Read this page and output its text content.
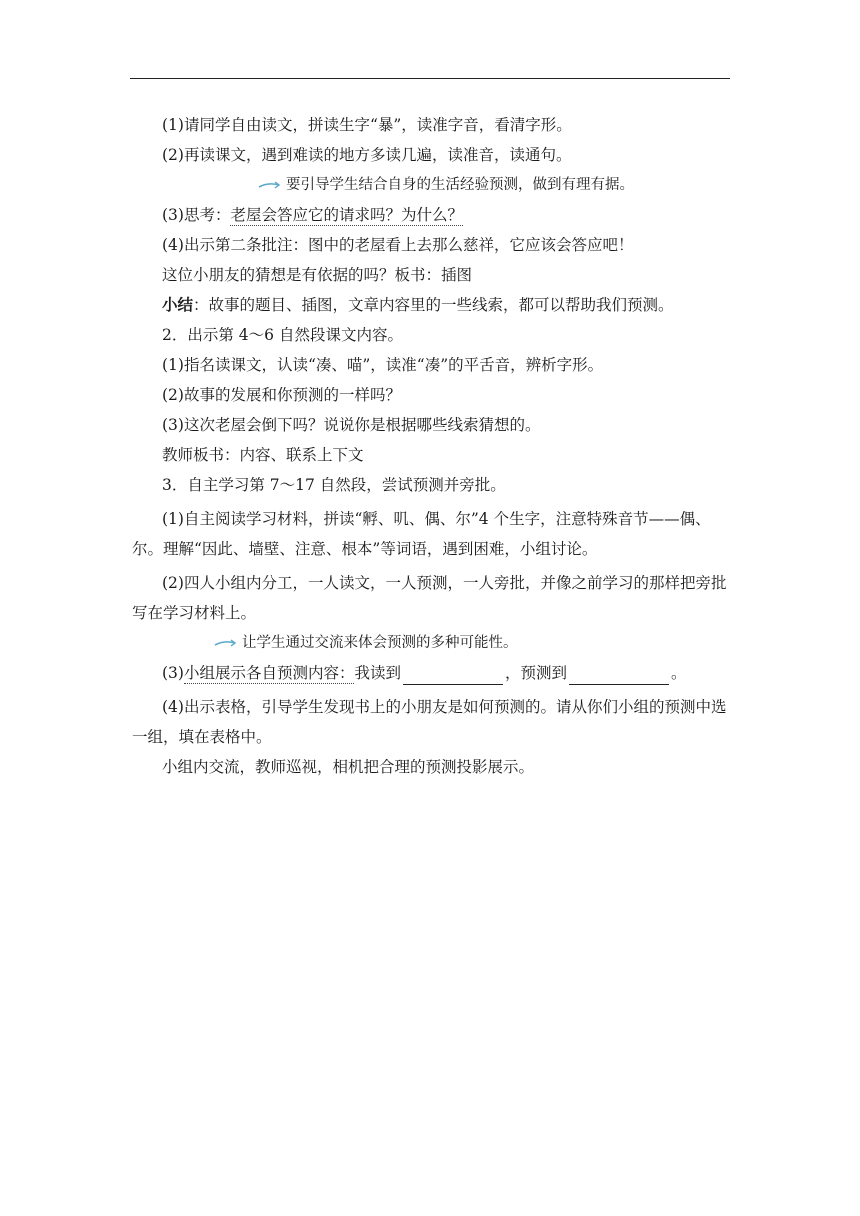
(1)请同学自由读文，拼读生字“暴”，读准字音，看清字形。
(2)再读课文，遇到难读的地方多读几遍，读准音，读通句。
要引导学生结合自身的生活经验预测，做到有理有据。
(3)思考：老屋会答应它的请求吗？为什么？
(4)出示第二条批注：图中的老屋看上去那么慈祥，它应该会答应吧！
这位小朋友的猜想是有依据的吗？板书：插图
小结：故事的题目、插图，文章内容里的一些线索，都可以帮助我们预测。
2．出示第 4～6 自然段课文内容。
(1)指名读课文，认读“凑、喵”，读准“凑”的平舌音，辨析字形。
(2)故事的发展和你预测的一样吗？
(3)这次老屋会倒下吗？说说你是根据哪些线索猜想的。
教师板书：内容、联系上下文
3．自主学习第 7～17 自然段，尝试预测并旁批。
(1)自主阅读学习材料，拼读“孵、叽、偶、尔”4 个生字，注意特殊音节——偶、尔。理解“因此、墙壁、注意、根本”等词语，遇到困难，小组讨论。
(2)四人小组内分工，一人读文，一人预测，一人旁批，并像之前学习的那样把旁批写在学习材料上。
让学生通过交流来体会预测的多种可能性。
(3)小组展示各自预测内容：我读到	，预测到	。
(4)出示表格，引导学生发现书上的小朋友是如何预测的。请从你们小组的预测中选一组，填在表格中。
小组内交流，教师巡视，相机把合理的预测投影展示。
